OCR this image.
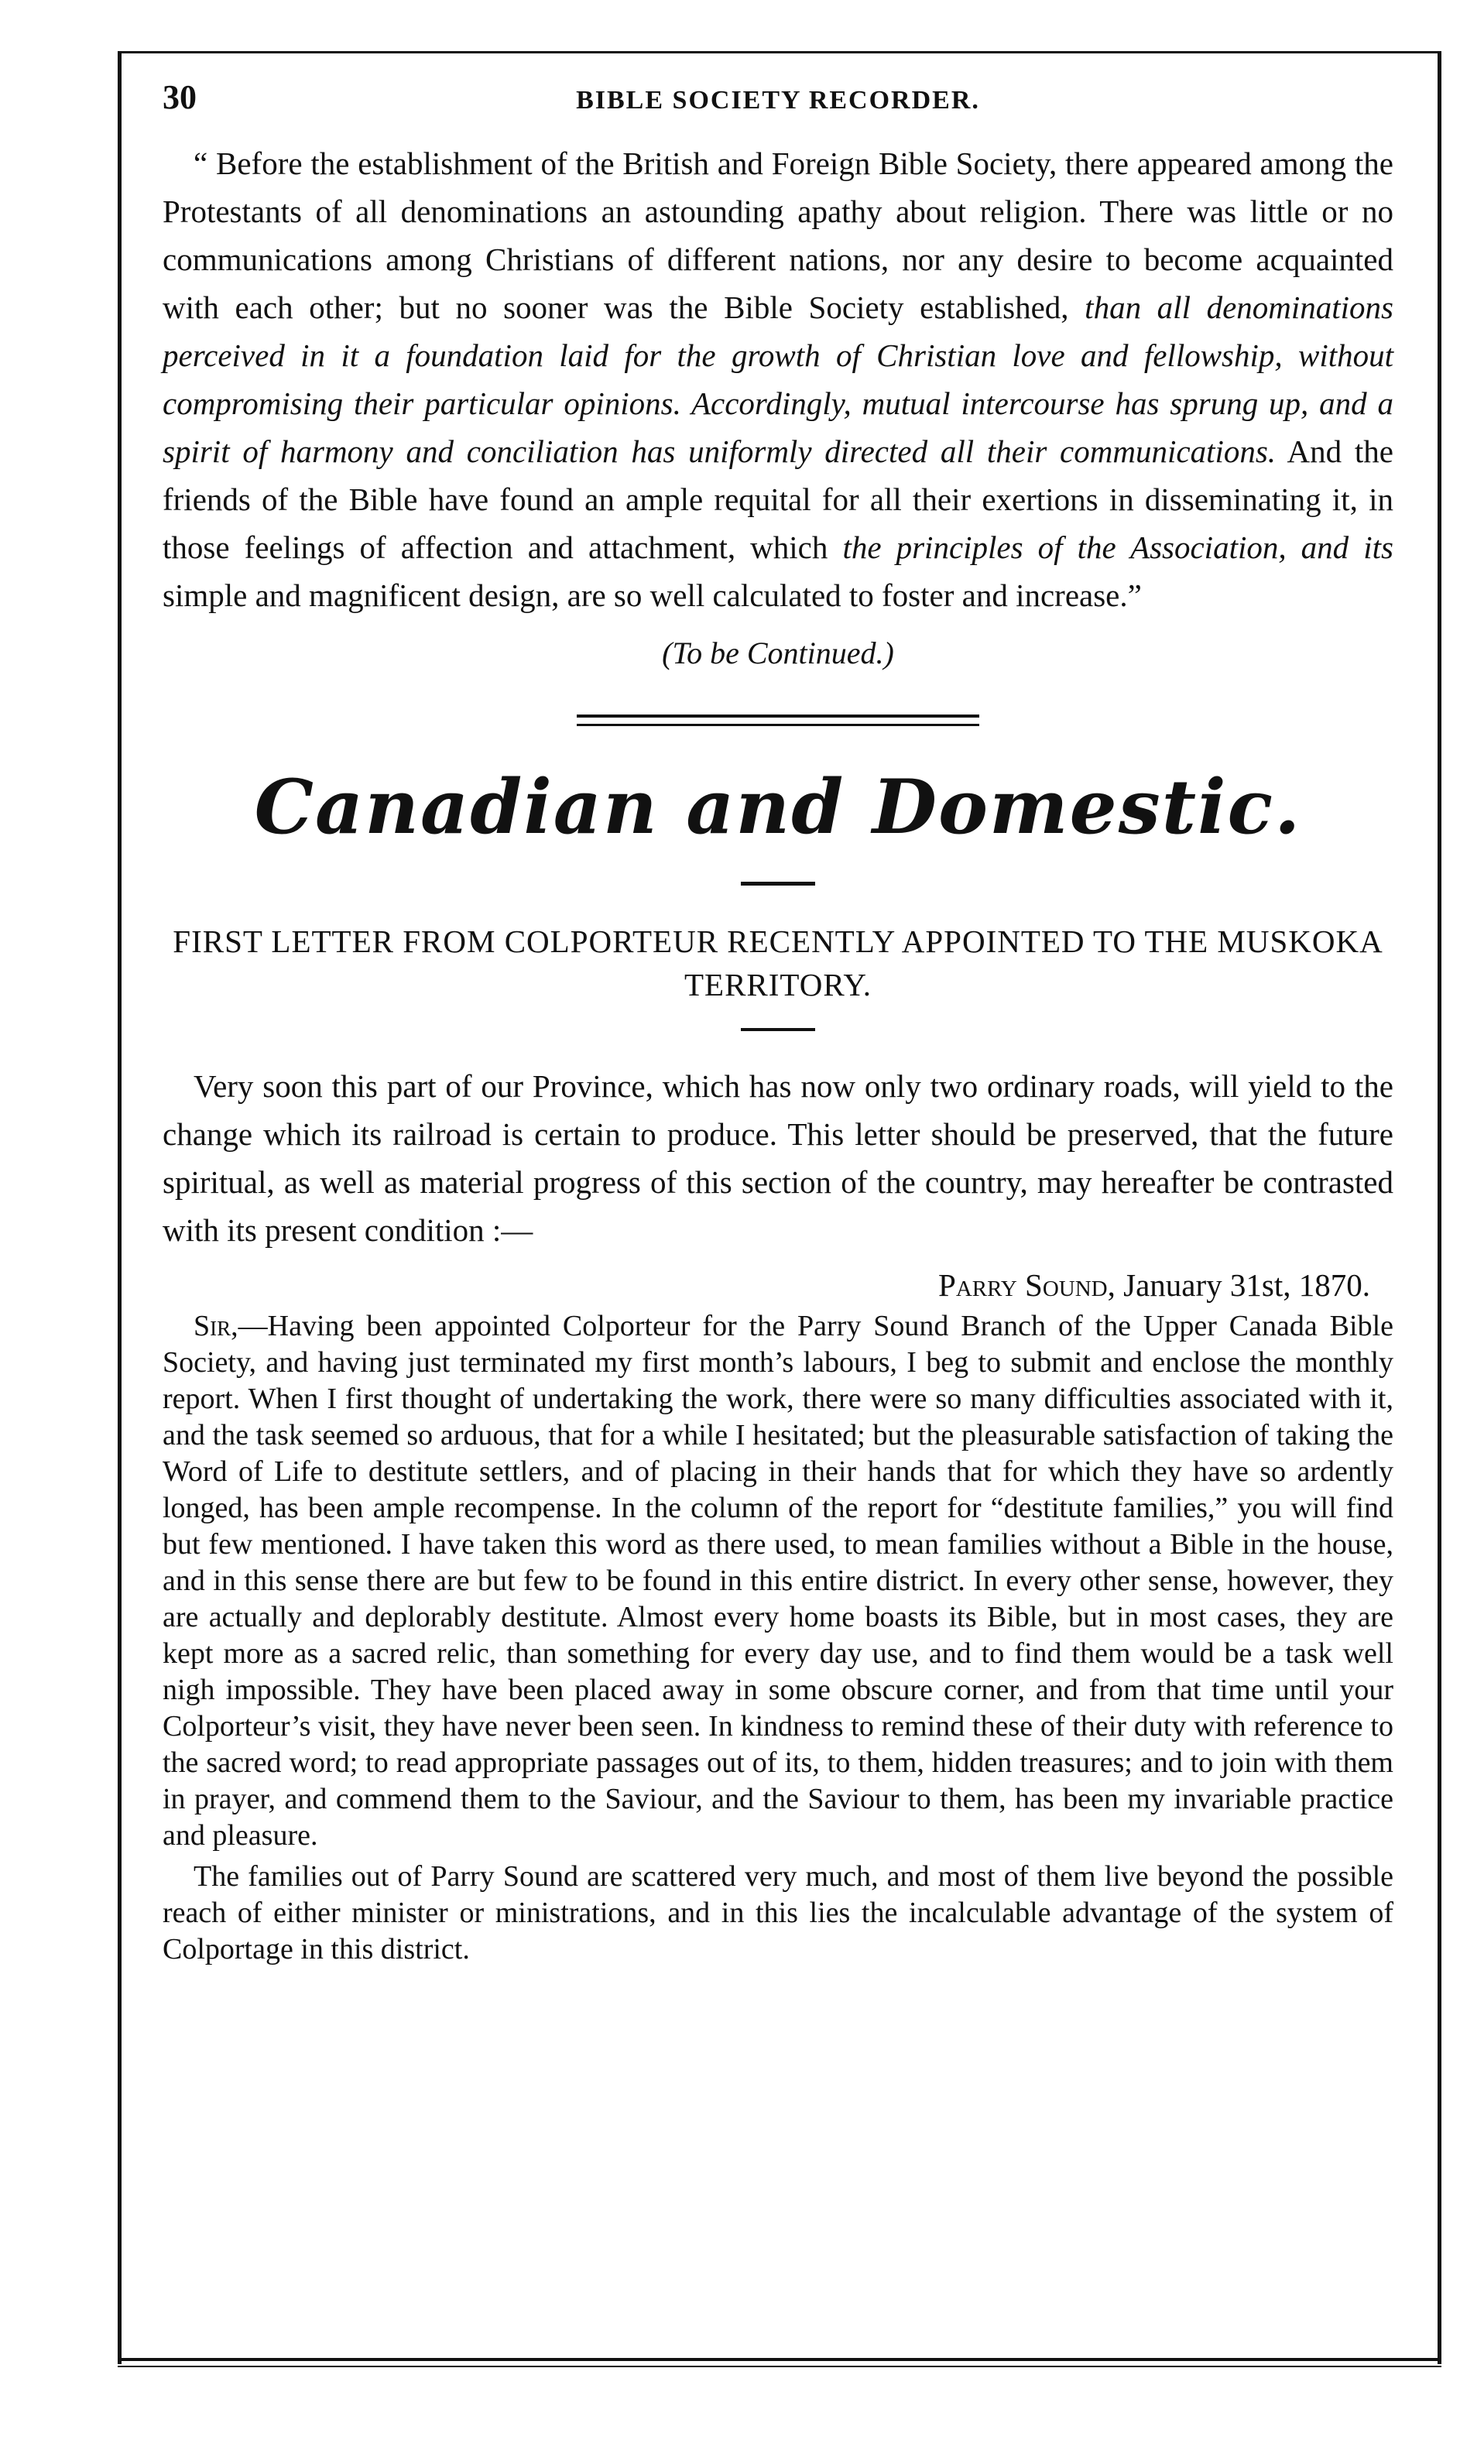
30	BIBLE SOCIETY RECORDER.

“ Before the establishment of the British and Foreign Bible Society, there appeared among the Protestants of all denominations an astounding apathy about religion. There was little or no communications among Christians of different nations, nor any desire to become acquainted with each other; but no sooner was the Bible Society established, than all denominations perceived in it a foundation laid for the growth of Christian love and fellowship, without compromising their particular opinions. Accordingly, mutual intercourse has sprung up, and a spirit of harmony and conciliation has uniformly directed all their communications. And the friends of the Bible have found an ample requital for all their exertions in disseminating it, in those feelings of affection and attachment, which the principles of the Association, and its simple and magnificent design, are so well calculated to foster and increase.”

(To be Continued.)

Canadian and Domestic.
FIRST LETTER FROM COLPORTEUR RECENTLY APPOINTED TO THE MUSKOKA TERRITORY.

Very soon this part of our Province, which has now only two ordinary roads, will yield to the change which its railroad is certain to produce. This letter should be preserved, that the future spiritual, as well as material progress of this section of the country, may hereafter be contrasted with its present condition :—

Parry Sound, January 31st, 1870.

Sir,—Having been appointed Colporteur for the Parry Sound Branch of the Upper Canada Bible Society, and having just terminated my first month’s labours, I beg to submit and enclose the monthly report. When I first thought of undertaking the work, there were so many difficulties associated with it, and the task seemed so arduous, that for a while I hesitated; but the pleasurable satisfaction of taking the Word of Life to destitute settlers, and of placing in their hands that for which they have so ardently longed, has been ample recompense. In the column of the report for “destitute families,” you will find but few mentioned. I have taken this word as there used, to mean families without a Bible in the house, and in this sense there are but few to be found in this entire district. In every other sense, however, they are actually and deplorably destitute. Almost every home boasts its Bible, but in most cases, they are kept more as a sacred relic, than something for every day use, and to find them would be a task well nigh impossible. They have been placed away in some obscure corner, and from that time until your Colporteur’s visit, they have never been seen. In kindness to remind these of their duty with reference to the sacred word; to read appropriate passages out of its, to them, hidden treasures; and to join with them in prayer, and commend them to the Saviour, and the Saviour to them, has been my invariable practice and pleasure.

The families out of Parry Sound are scattered very much, and most of them live beyond the possible reach of either minister or ministrations, and in this lies the incalculable advantage of the system of Colportage in this district.
